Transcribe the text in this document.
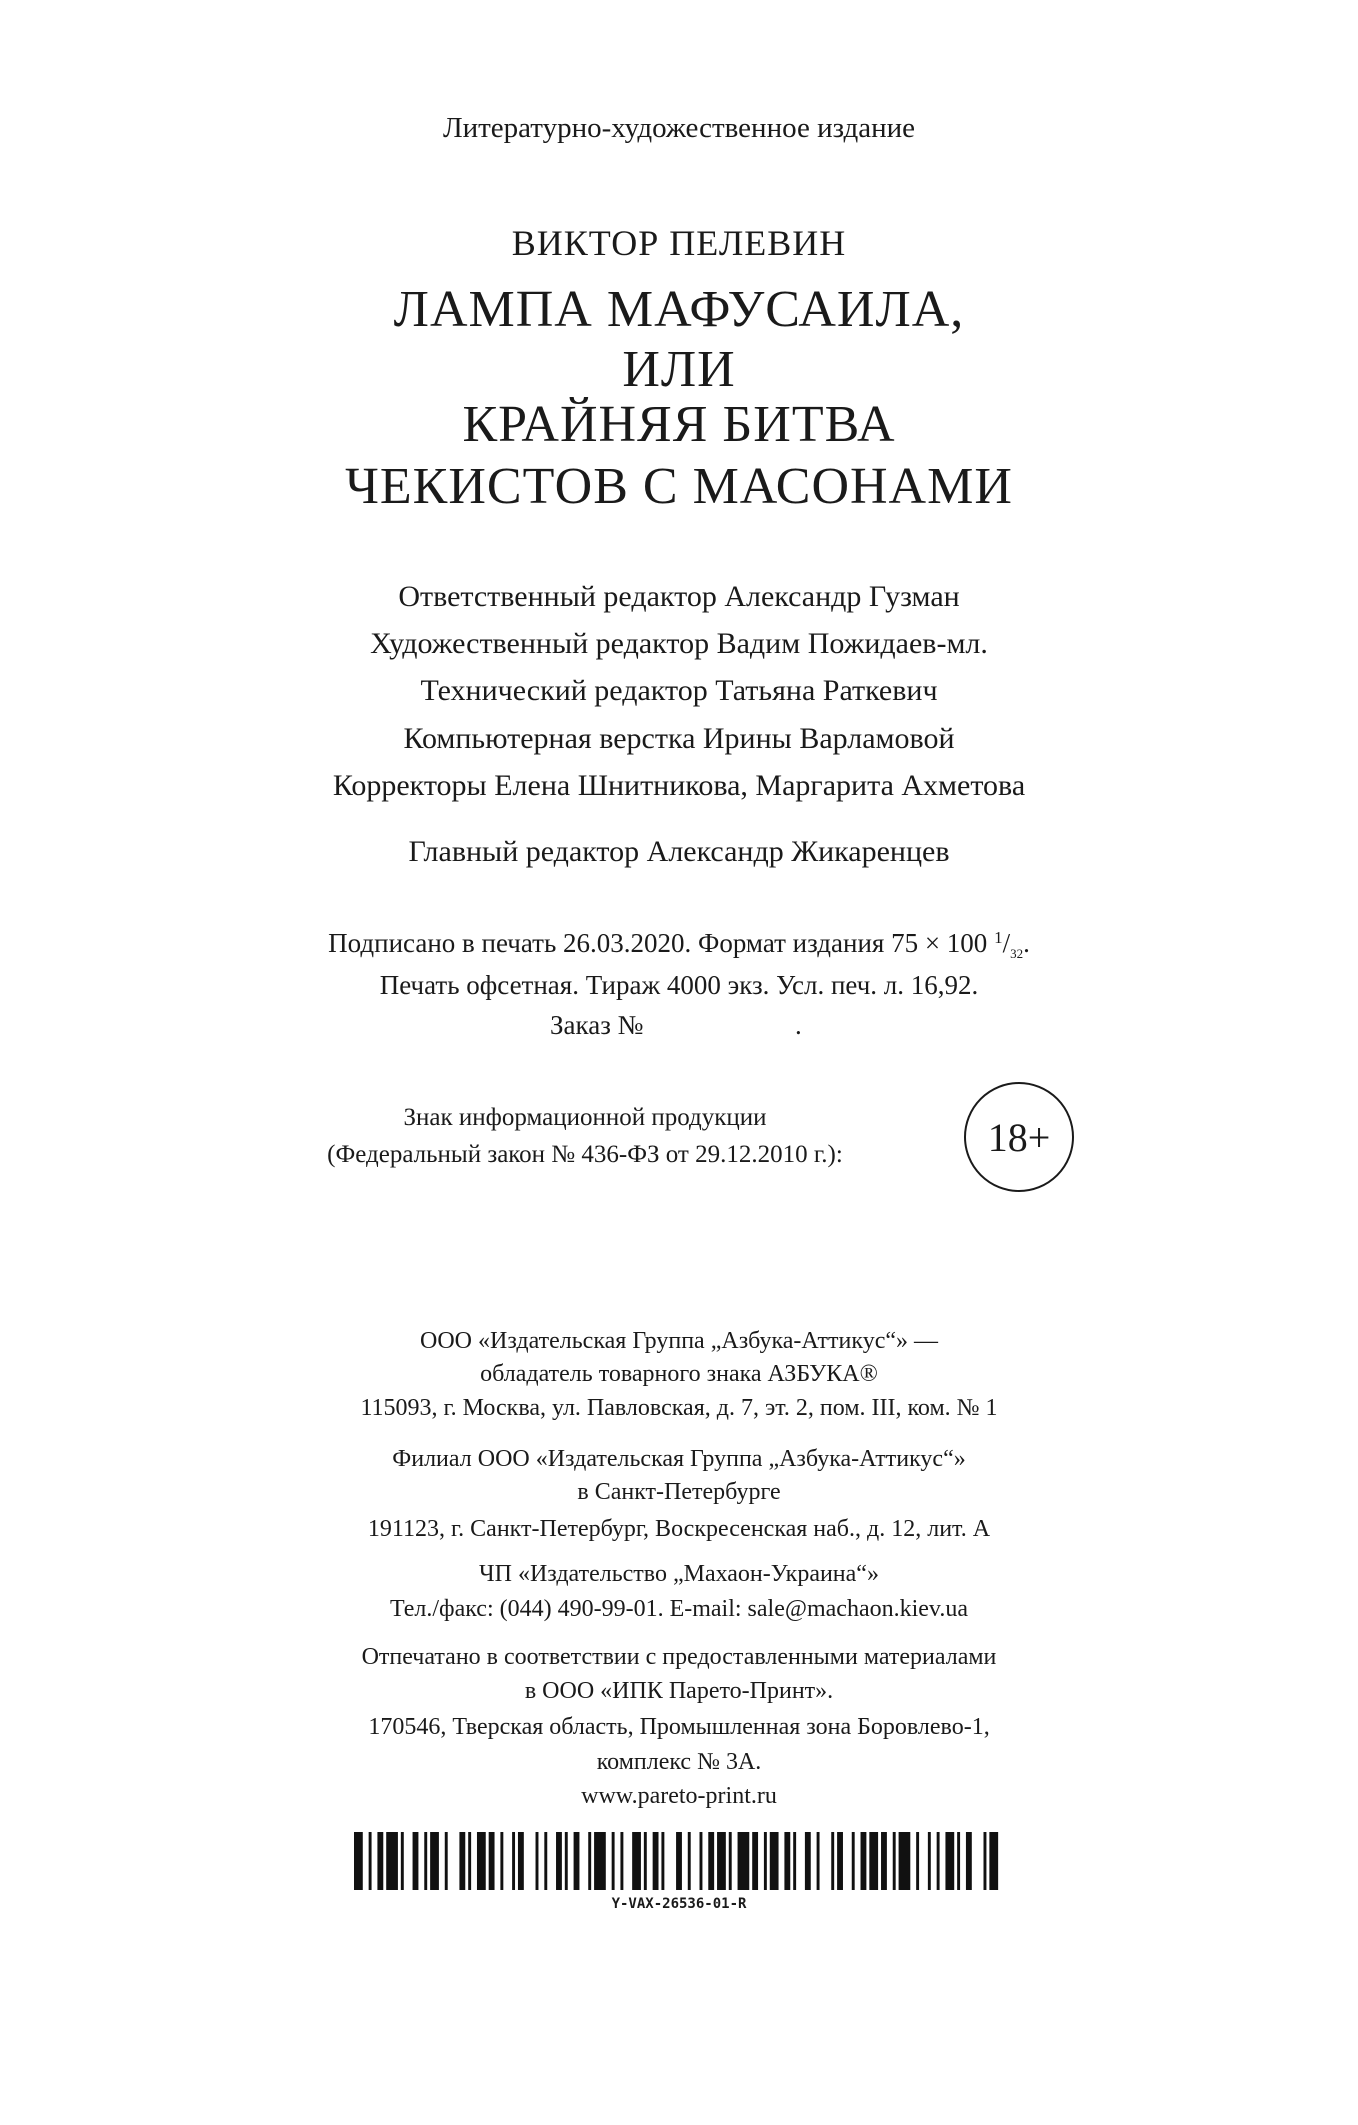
Литературно-художественное издание
ВИКТОР ПЕЛЕВИН
ЛАМПА МАФУСАИЛА,
ИЛИ
КРАЙНЯЯ БИТВА
ЧЕКИСТОВ С МАСОНАМИ
Ответственный редактор Александр Гузман
Художественный редактор Вадим Пожидаев-мл.
Технический редактор Татьяна Раткевич
Компьютерная верстка Ирины Варламовой
Корректоры Елена Шнитникова, Маргарита Ахметова
Главный редактор Александр Жикаренцев
Подписано в печать 26.03.2020. Формат издания 75 × 100 $^1/_{32}$.
Печать офсетная. Тираж 4000 экз. Усл. печ. л. 16,92.
Заказ №	.
Знак информационной продукции
(Федеральный закон № 436-ФЗ от 29.12.2010 г.):	18+
ООО «Издательская Группа „Азбука-Аттикус“» —
обладатель товарного знака АЗБУКА®
115093, г. Москва, ул. Павловская, д. 7, эт. 2, пом. III, ком. № 1
Филиал ООО «Издательская Группа „Азбука-Аттикус“»
в Санкт-Петербурге
191123, г. Санкт-Петербург, Воскресенская наб., д. 12, лит. А
ЧП «Издательство „Махаон-Украина“»
Тел./факс: (044) 490-99-01. E-mail: sale@machaon.kiev.ua
Отпечатано в соответствии с предоставленными материалами
в ООО «ИПК Парето-Принт».
170546, Тверская область, Промышленная зона Боровлево-1,
комплекс № 3А.
www.pareto-print.ru
Y-VAX-26536-01-R
